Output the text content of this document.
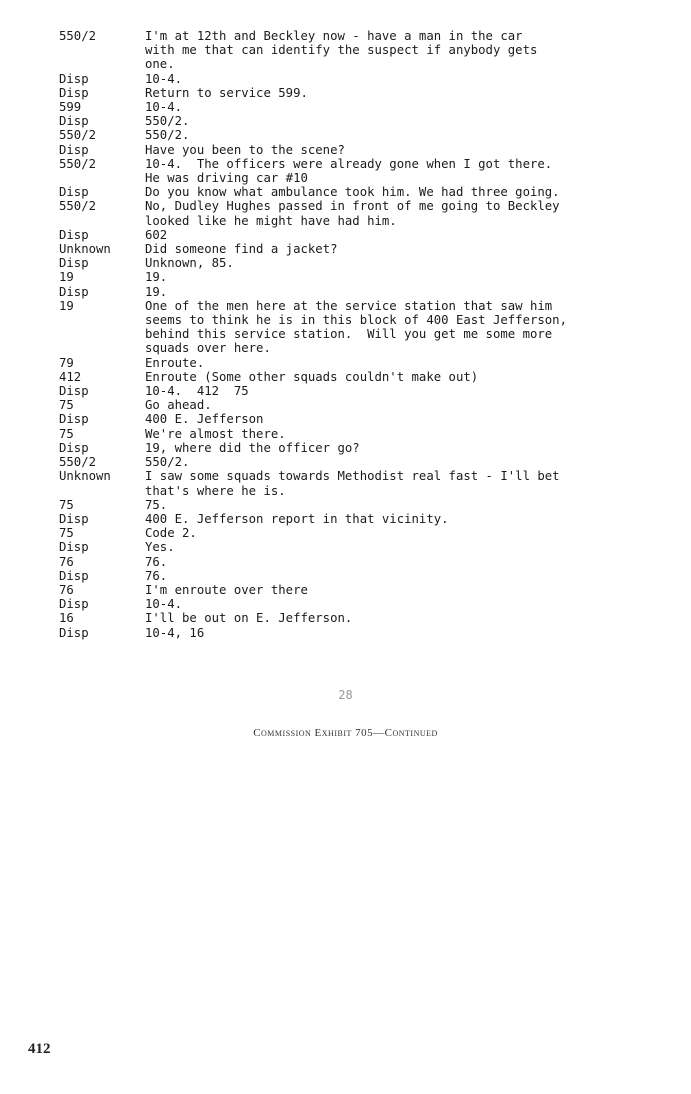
550/2	I'm at 12th and Beckley now - have a man in the car
with me that can identify the suspect if anybody gets
one.
Disp	10-4.
Disp	Return to service 599.
599	10-4.
Disp	550/2.
550/2	550/2.
Disp	Have you been to the scene?
550/2	10-4.  The officers were already gone when I got there.
He was driving car #10
Disp	Do you know what ambulance took him. We had three going.
550/2	No, Dudley Hughes passed in front of me going to Beckley
looked like he might have had him.
Disp	602
Unknown	Did someone find a jacket?
Disp	Unknown, 85.
19	19.
Disp	19.
19	One of the men here at the service station that saw him
seems to think he is in this block of 400 East Jefferson,
behind this service station.  Will you get me some more
squads over here.
79	Enroute.
412	Enroute (Some other squads couldn't make out)
Disp	10-4.  412  75
75	Go ahead.
Disp	400 E. Jefferson
75	We're almost there.
Disp	19, where did the officer go?
550/2	550/2.
Unknown	I saw some squads towards Methodist real fast - I'll bet
that's where he is.
75	75.
Disp	400 E. Jefferson report in that vicinity.
75	Code 2.
Disp	Yes.
76	76.
Disp	76.
76	I'm enroute over there
Disp	10-4.
16	I'll be out on E. Jefferson.
Disp	10-4, 16
28
Commission Exhibit 705—Continued
412
